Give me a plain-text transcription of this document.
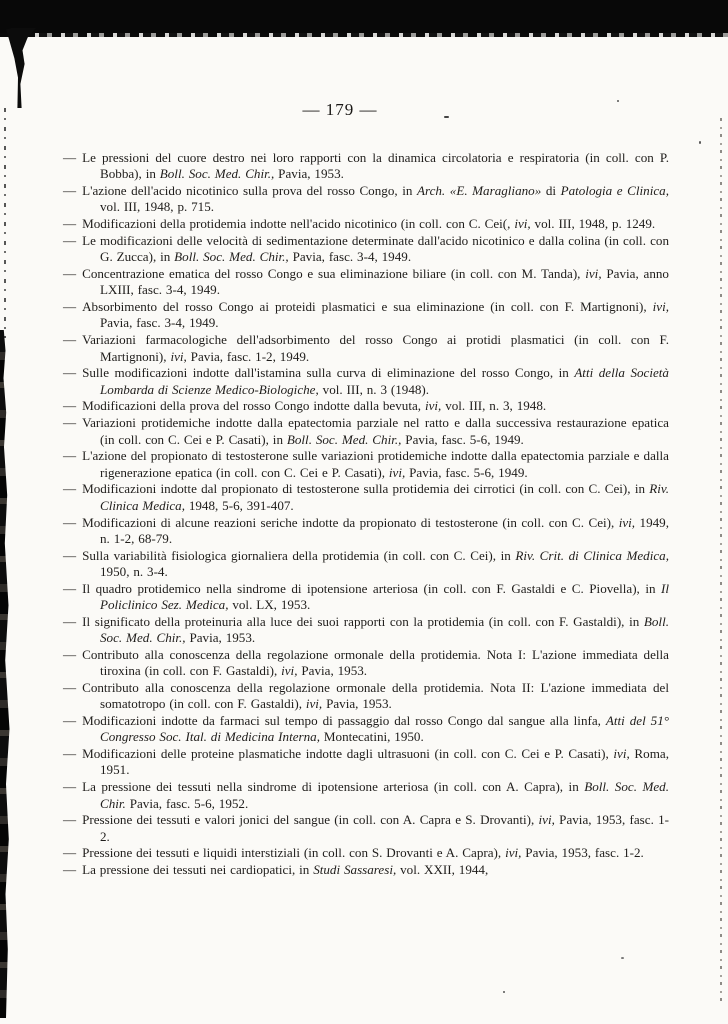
— 179 —
— Le pressioni del cuore destro nei loro rapporti con la dinamica circolatoria e respiratoria (in coll. con P. Bobba), in Boll. Soc. Med. Chir., Pavia, 1953.
— L'azione dell'acido nicotinico sulla prova del rosso Congo, in Arch. «E. Maragliano» di Patologia e Clinica, vol. III, 1948, p. 715.
— Modificazioni della protidemia indotte nell'acido nicotinico (in coll. con C. Cei(, ivi, vol. III, 1948, p. 1249.
— Le modificazioni delle velocità di sedimentazione determinate dall'acido nicotinico e dalla colina (in coll. con G. Zucca), in Boll. Soc. Med. Chir., Pavia, fasc. 3-4, 1949.
— Concentrazione ematica del rosso Congo e sua eliminazione biliare (in coll. con M. Tanda), ivi, Pavia, anno LXIII, fasc. 3-4, 1949.
— Absorbimento del rosso Congo ai proteidi plasmatici e sua eliminazione (in coll. con F. Martignoni), ivi, Pavia, fasc. 3-4, 1949.
— Variazioni farmacologiche dell'adsorbimento del rosso Congo ai protidi plasmatici (in coll. con F. Martignoni), ivi, Pavia, fasc. 1-2, 1949.
— Sulle modificazioni indotte dall'istamina sulla curva di eliminazione del rosso Congo, in Atti della Società Lombarda di Scienze Medico-Biologiche, vol. III, n. 3 (1948).
— Modificazioni della prova del rosso Congo indotte dalla bevuta, ivi, vol. III, n. 3, 1948.
— Variazioni protidemiche indotte dalla epatectomia parziale nel ratto e dalla successiva restaurazione epatica (in coll. con C. Cei e P. Casati), in Boll. Soc. Med. Chir., Pavia, fasc. 5-6, 1949.
— L'azione del propionato di testosterone sulle variazioni protidemiche indotte dalla epatectomia parziale e dalla rigenerazione epatica (in coll. con C. Cei e P. Casati), ivi, Pavia, fasc. 5-6, 1949.
— Modificazioni indotte dal propionato di testosterone sulla protidemia dei cirrotici (in coll. con C. Cei), in Riv. Clinica Medica, 1948, 5-6, 391-407.
— Modificazioni di alcune reazioni seriche indotte da propionato di testosterone (in coll. con C. Cei), ivi, 1949, n. 1-2, 68-79.
— Sulla variabilità fisiologica giornaliera della protidemia (in coll. con C. Cei), in Riv. Crit. di Clinica Medica, 1950, n. 3-4.
— Il quadro protidemico nella sindrome di ipotensione arteriosa (in coll. con F. Gastaldi e C. Piovella), in Il Policlinico Sez. Medica, vol. LX, 1953.
— Il significato della proteinuria alla luce dei suoi rapporti con la protidemia (in coll. con F. Gastaldi), in Boll. Soc. Med. Chir., Pavia, 1953.
— Contributo alla conoscenza della regolazione ormonale della protidemia. Nota I: L'azione immediata della tiroxina (in coll. con F. Gastaldi), ivi, Pavia, 1953.
— Contributo alla conoscenza della regolazione ormonale della protidemia. Nota II: L'azione immediata del somatotropo (in coll. con F. Gastaldi), ivi, Pavia, 1953.
— Modificazioni indotte da farmaci sul tempo di passaggio dal rosso Congo dal sangue alla linfa, Atti del 51° Congresso Soc. Ital. di Medicina Interna, Montecatini, 1950.
— Modificazioni delle proteine plasmatiche indotte dagli ultrasuoni (in coll. con C. Cei e P. Casati), ivi, Roma, 1951.
— La pressione dei tessuti nella sindrome di ipotensione arteriosa (in coll. con A. Capra), in Boll. Soc. Med. Chir. Pavia, fasc. 5-6, 1952.
— Pressione dei tessuti e valori jonici del sangue (in coll. con A. Capra e S. Drovanti), ivi, Pavia, 1953, fasc. 1-2.
— Pressione dei tessuti e liquidi interstiziali (in coll. con S. Drovanti e A. Capra), ivi, Pavia, 1953, fasc. 1-2.
— La pressione dei tessuti nei cardiopatici, in Studi Sassaresi, vol. XXII, 1944,
